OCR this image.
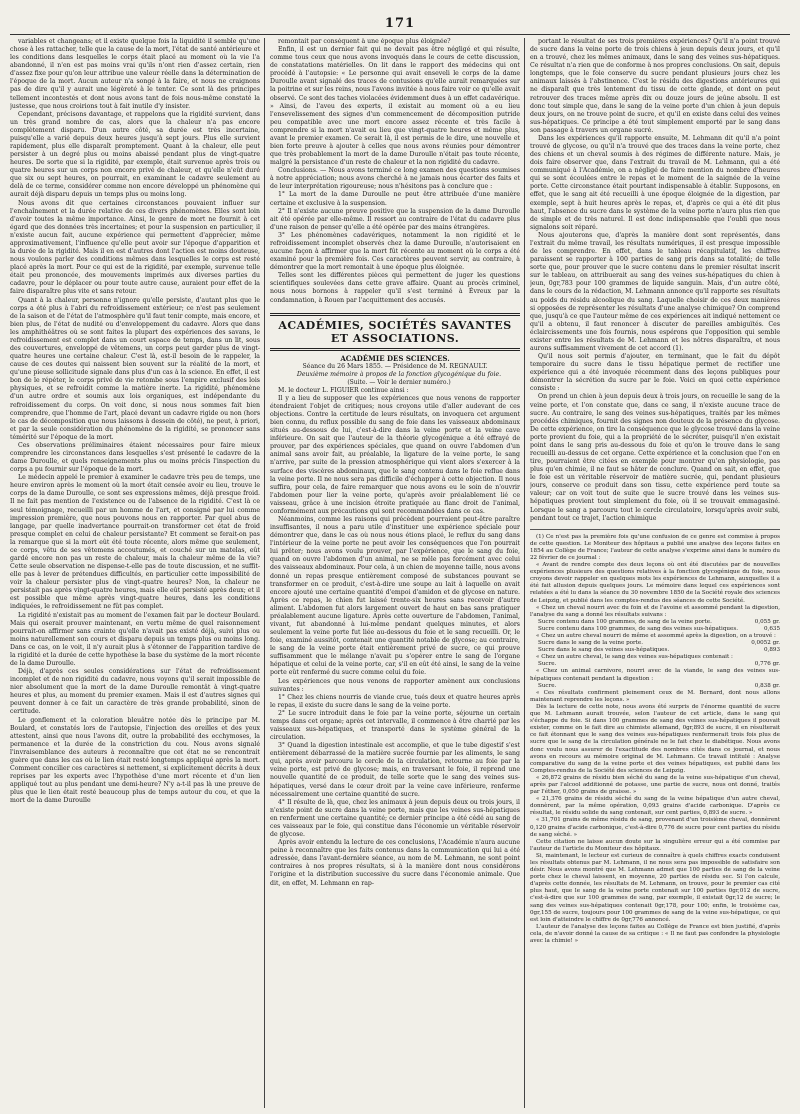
171

variables et changeans; et il existe quelque fois la liquidité il semble qu'une chose à les rattacher, telle que la cause de la mort, l'état de santé antérieure et les conditions dans lesquelles le corps était placé au moment où la vie l'a abandonné, il n'en est pas moins vrai qu'ils n'ont rien d'assez certain, rien d'assez fixe pour qu'on leur attribue une valeur réelle dans la détermination de l'époque de la mort. Aucun auteur n'a songé à la faire, et nous ne craignons pas de dire qu'il y aurait une légèreté à le tenter. Ce sont là des principes tellement incontestés et dont nous avons tant de fois nous-même constaté la justesse, que nous croirions tout à fait inutile d'y insister.

Cependant, précisons davantage, et rappelons que la rigidité survient, dans un très grand nombre de cas, alors que la chaleur n'a pas encore complètement disparu. D'un autre côté, sa durée est très incertaine, puisqu'elle a varié depuis deux heures jusqu'à sept jours. Plus elle survient rapidement, plus elle disparaît promptement. Quant à la chaleur, elle peut persister à un degré plus ou moins abaissé pendant plus de vingt-quatre heures. De sorte que si la rigidité, par exemple, était survenue après trois ou quatre heures sur un corps non encore privé de chaleur, et qu'elle n'eût duré que six ou sept heures, on pourrait, en examinant le cadavre seulement au delà de ce terme, considérer comme non encore développé un phénomène qui aurait déjà disparu depuis un temps plus ou moins long.

Nous avons dit que certaines circonstances pouvaient influer sur l'enchaînement et la durée relative de ces divers phénomènes. Elles sont loin d'avoir toutes la même importance. Ainsi, le genre de mort ne fournit à cet égard que des données très incertaines; et pour la suspension en particulier, il n'existe aucun fait, aucune expérience qui permettent d'apprécier, même approximativement, l'influence qu'elle peut avoir sur l'époque d'apparition et la durée de la rigidité. Mais il en est d'autres dont l'action est moins douteuse, nous voulons parler des conditions mêmes dans lesquelles le corps est resté placé après la mort. Pour ce qui est de la rigidité, par exemple, survenue telle était peu prononcée, des mouvements imprimés aux diverses parties du cadavre, pour le déplacer ou pour toute autre cause, auraient pour effet de la faire disparaître plus vite et sans retour.

Quant à la chaleur, personne n'ignore qu'elle persiste, d'autant plus que le corps a été plus à l'abri du refroidissement extérieur; ce n'est pas seulement de la saison et de l'état de l'atmosphère qu'il faut tenir compte, mais encore, et bien plus, de l'état de nudité ou d'enveloppement du cadavre. Alors que dans les amphithéâtres où se sont faites la plupart des expériences des savans, le refroidissement est complet dans un court espace de temps, dans un lit, sous des couvertures, enveloppé de vêtemens, un corps peut garder plus de vingt-quatre heures une certaine chaleur. C'est là, est-il besoin de le rappeler, la cause de ces doutes qui naissent bien souvent sur la réalité de la mort, et qu'une pieuse sollicitude signale dans plus d'un cas à la science. En effet, il est bon de le répéter, le corps privé de vie retombe sous l'empire exclusif des lois physiques, et se refroidit comme la matière inerte. La rigidité, phénomène d'un autre ordre et soumis aux lois organiques, est indépendante du refroidissement du corps. On voit donc, si nous nous sommes fait bien comprendre, que l'homme de l'art, placé devant un cadavre rigide ou non (hors le cas de décomposition que nous laissons à dessein de côté), ne peut, à priori, et par la seule considération du phénomène de la rigidité, se prononcer sans témérité sur l'époque de la mort.

Ces observations préliminaires étaient nécessaires pour faire mieux comprendre les circonstances dans lesquelles s'est présenté le cadavre de la dame Duroulle, et quels renseignements plus ou moins précis l'inspection du corps a pu fournir sur l'époque de la mort.

Le médecin appelé le premier à examiner le cadavre très peu de temps, une heure environ après le moment où la mort était censée avoir eu lieu, trouve le corps de la dame Duroulle, ce sont ses expressions mêmes, déjà presque froid. Il ne fait pas mention de l'existence ou de l'absence de la rigidité. C'est là ce seul témoignage, recueilli par un homme de l'art, et consigné par lui comme impression première, que nous pouvons nous en rapporter. Par quel abus de langage, par quelle inadvertance pourrait-on transformer cet état de froid presque complet en celui de chaleur persistante? Et comment se ferait-on pas la remarque que si la mort eût été toute récente, alors même que seulement, ce corps, vêtu de ses vêtemens accoutumés, et couché sur un matelas, eût gardé encore non pas un reste de chaleur, mais la chaleur même de la vie? Cette seule observation ne dispense-t-elle pas de toute discussion, et ne suffit-elle pas à lever de prétendues difficultés, en particulier cette impossibilité de voir la chaleur persister plus de vingt-quatre heures? Non, la chaleur ne persistait pas après vingt-quatre heures, mais elle eût persisté après deux; et il est possible que même après vingt-quatre heures, dans les conditions indiquées, le refroidissement ne fût pas complet.

La rigidité n'existait pas au moment de l'examen fait par le docteur Boulard. Mais qui oserait prouver maintenant, en vertu même de quel raisonnement pourrait-on affirmer sans crainte qu'elle n'avait pas existé déjà, suivi plus ou moins naturellement son cours et disparu depuis un temps plus ou moins long. Dans ce cas, on le voit, il n'y aurait plus à s'étonner de l'apparition tardive de la rigidité et la durée de cette hypothèse la base du système de la mort récente de la dame Duroulle.

Déjà, d'après ces seules considérations sur l'état de refroidissement incomplet et de non rigidité du cadavre, nous voyons qu'il serait impossible de nier absolument que la mort de la dame Duroulle remontât à vingt-quatre heures et plus, au moment du premier examen. Mais il est d'autres signes qui peuvent donner à ce fait un caractère de très grande probabilité, sinon de certitude.

Le gonflement et la coloration bleuâtre notée dès le principe par M. Boulard, et constatés lors de l'autopsie, l'injection des oreilles et des yeux attestent, ainsi que nous l'avons dit, outre la probabilité des ecchymoses, la permanence et la durée de la constriction du cou. Nous avons signalé l'invraisemblance des auteurs à reconnaître que cet état ne se rencontrait guère que dans les cas où le lien était resté longtemps appliqué après la mort. Comment concilier ces caractères si nettement, si explicitement décrits à deux reprises par les experts avec l'hypothèse d'une mort récente et d'un lien appliqué tout au plus pendant une demi-heure? N'y a-t-il pas là une preuve de plus que le lien était resté beaucoup plus de temps autour du cou, et que la mort de la dame Duroulle

remontait par conséquent à une époque plus éloignée?

Enfin, il est un dernier fait qui ne devait pas être négligé et qui résulte, comme tous ceux que nous avons invoqués dans le cours de cette discussion, de constatations matérielles. On lit dans le rapport des médecins qui ont procédé à l'autopsie: « Le personne qui avait enseveli le corps de la dame Duroulle avant signalé des traces de contusions qu'elle aurait remarquées sur la poitrine et sur les reins, nous l'avons invitée à nous faire voir ce qu'elle avait observé. Ce sont des taches violacées évidemment dues à un effet cadavérique. » Ainsi, de l'aveu des experts, il existait au moment où a eu lieu l'ensevelissement des signes d'un commencement de décomposition putride peu compatible avec une mort encore assez récente et très facile à comprendre si la mort n'avait eu lieu que vingt-quatre heures et même plus, avant le premier examen. Ce serait là, il est permis de le dire, une nouvelle et bien forte preuve à ajouter à celles que nous avons réunies pour démontrer que très probablement la mort de la dame Duroulle n'était pas toute récente, malgré la persistance d'un reste de chaleur et la non rigidité du cadavre.

Conclusions. — Nous avons terminé ce long examen des questions soumises à notre appréciation; nous avons cherché à ne jamais nous écarter des faits et de leur interprétation rigoureuse; nous n'hésitons pas à conclure que :

1° La mort de la dame Duroulle ne peut être attribuée d'une manière certaine et exclusive à la suspension.

2° Il n'existe aucune preuve positive que la suspension de la dame Duroulle ait été opérée par elle-même. Il ressort au contraire de l'état du cadavre plus d'une raison de penser qu'elle a été opérée par des mains étrangères.

3° Les phénomènes cadavériques, notamment la non rigidité et le refroidissement incomplet observés chez la dame Duroulle, n'autorisaient en aucune façon à affirmer que la mort fût récente au moment où le corps a été examiné pour la première fois. Ces caractères peuvent servir, au contraire, à démontrer que la mort remontait à une époque plus éloignée.

Telles sont les différentes pièces qui permettent de juger les questions scientifiques soulevées dans cette grave affaire. Quant au procès criminel, nous nous bornons à rappeler qu'il s'est terminé à Évreux par la condamnation, à Rouen par l'acquittement des accusés.

ACADÉMIES, SOCIÉTÉS SAVANTES ET ASSOCIATIONS.
ACADÉMIE DES SCIENCES.
Séance du 26 Mars 1855. — Présidence de M. REGNAULT.

Deuxième mémoire à propos de la fonction glycogénique du foie.

(Suite. — Voir le dernier numéro.)

M. le docteur L. FIGUIER continue ainsi :

Il y a lieu de supposer que les expériences que nous venons de rapporter étendraient l'objet de critiques; nous croyons utile d'aller audevant de ces objections. Contre la certitude de leurs résultats, on invoquera cet argument bien connu, du reflux possible du sang de foie dans les vaisseaux abdominaux situés au-dessous de lui, c'est-à-dire dans la veine porte et la veine cave inférieure. On sait que l'auteur de la théorie glycogénique a été effrayé de prouver, par des expériences spéciales, que quand on ouvre l'abdomen d'un animal sans avoir fait, au préalable, la ligature de la veine porte, le sang n'arrive, par suite de la pression atmosphérique qui vient alors s'exercer à la surface des viscères abdominaux, que le sang contenu dans le foie reflue dans la veine porte. Il ne nous sera pas difficile d'échapper à cette objection. Il nous suffira, pour cela, de faire remarquer que nous avons eu le soin de n'ouvrir l'abdomen pour lier la veine porte, qu'après avoir préalablement lié ce vaisseau, grâce à une incision étroite pratiquée au flanc droit de l'animal, conformément aux précautions qui sont recommandées dans ce cas.

Néanmoins, comme les raisons qui précèdent pourraient peut-être paraître insuffisantes, il nous a paru utile d'instituer une expérience spéciale pour démontrer que, dans le cas où nous nous étions placé, le reflux du sang dans l'intérieur de la veine porte ne peut avoir les conséquences que l'on pourrait lui prêter; nous avons voulu prouver, par l'expérience, que le sang du foie, quand on ouvre l'abdomen d'un animal, ne se mêle pas forcément avec celui des vaisseaux abdominaux. Pour cela, à un chien de moyenne taille, nous avons donné un repas presque entièrement composé de substances pouvant se transformer en ce produit, c'est-à-dire une soupe au lait à laquelle on avait encore ajouté une certaine quantité d'empoi d'amidon et de glycose en nature. Après ce repas, le chien fut laissé trente-six heures sans recevoir d'autre aliment. L'abdomen fut alors largement ouvert de haut en bas sans pratiquer préalablement aucune ligature. Après cette ouverture de l'abdomen, l'animal, vivant, fut abandonné à lui-même pendant quelques minutes, et alors seulement la veine porte fut liée au-dessous du foie et le sang recueilli. Or, le foie, examiné aussitôt, contenait une quantité notable de glycose; au contraire, le sang de la veine porte était entièrement privé de sucre, ce qui prouve suffisamment que le mélange n'avait pu s'opérer entre le sang de l'organe hépatique et celui de la veine porte, car, s'il en eût été ainsi, le sang de la veine porte eût renfermé du sucre comme celui du foie.

Les expériences que nous venons de rapporter amènent aux conclusions suivantes :

1° Chez les chiens nourris de viande crue, tués deux et quatre heures après le repas, il existe du sucre dans le sang de la veine porte.

2° Le sucre introduit dans le foie par la veine porte, séjourne un certain temps dans cet organe; après cet intervalle, il commence à être charrié par les vaisseaux sus-hépatiques, et transporté dans le système général de la circulation.

3° Quand la digestion intestinale est accomplie, et que le tube digestif s'est entièrement débarrassé de la matière sucrée fournie par les aliments, le sang qui, après avoir parcouru le cercle de la circulation, retourne au foie par la veine porte, est privé de glycose; mais, en traversant le foie, il reprend une nouvelle quantité de ce produit, de telle sorte que le sang des veines sus-hépatiques, versé dans le cœur droit par la veine cave inférieure, renferme nécessairement une certaine quantité de sucre.

4° Il résulte de là, que, chez les animaux à jeun depuis deux ou trois jours, il n'existe point de sucre dans la veine porte, mais que les veines sus-hépatiques en renferment une certaine quantité; ce dernier principe a été cédé au sang de ces vaisseaux par le foie, qui constitue dans l'économie un véritable réservoir de glycose.

Après avoir entendu la lecture de ces conclusions, l'Académie n'aura aucune peine à reconnaître que les faits contenus dans la communication qui lui a été adressée, dans l'avant-dernière séance, au nom de M. Lehmann, ne sont point contraires à nos propres résultats, si à la manière dont nous considérons l'origine et la distribution successive du sucre dans l'économie animale. Que dit, en effet, M. Lehmann en rap-

portant le résultat de ses trois premières expériences? Qu'il n'a point trouvé de sucre dans la veine porte de trois chiens à jeun depuis deux jours, et qu'il en a trouvé, chez les mêmes animaux, dans le sang des veines sus-hépatiques. Ce résultat n'a rien que de conforme à nos propres conclusions. On sait, depuis longtemps, que le foie conserve du sucre pendant plusieurs jours chez les animaux laissés à l'abstinence. C'est le résidu des digestions antérieures qui ne disparaît que très lentement du tissu de cette glande, et dont on peut retrouver des traces même après dix ou douze jours de jeûne absolu. Il est donc tout simple que, dans le sang de la veine porte d'un chien à jeun depuis deux jours, on ne trouve point de sucre, et qu'il en existe dans celui des veines sus-hépatiques. Ce principe a été tout simplement emporté par le sang dans son passage à travers un organe sucré.

Dans les expériences qu'il rapporte ensuite, M. Lehmann dit qu'il n'a point trouvé de glycose, ou qu'il n'a trouvé que des traces dans la veine porte, chez des chiens et un cheval soumis à des régimes de différente nature. Mais, je dois faire observer que, dans l'extrait du travail de M. Lehmann, qui a été communiqué à l'Académie, on a négligé de faire mention du nombre d'heures qui se sont écoulées entre le repas et le moment de la saignée de la veine porte. Cette circonstance était pourtant indispensable à établir. Supposons, en effet, que le sang ait été recueilli à une époque éloignée de la digestion, par exemple, sept à huit heures après le repas, et, d'après ce qui a été dit plus haut, l'absence du sucre dans le système de la veine porte n'aura plus rien que de simple et de très naturel. Il est donc indispensable que l'oubli que nous signalons soit réparé.

Nous ajouterons que, d'après la manière dont sont représentés, dans l'extrait du même travail, les résultats numériques, il est presque impossible de les comprendre. En effet, dans le tableau récapitulatif, les chiffres paraissent se rapporter à 100 parties de sang pris dans sa totalité; de telle sorte que, pour prouver que le sucre contenu dans le premier résultat inscrit sur le tableau, on attribuerait au sang des veines sus-hépatiques du chien à jeun, 0gr,783 pour 100 grammes de liquide sanguin. Mais, d'un autre côté, dans le cours de la rédaction, M. Lehmann annonce qu'il rapporte ses résultats au poids du résidu alcoolique du sang. Laquelle choisir de ces deux manières si opposées de représenter les résultats d'une analyse chimique? On comprend que, jusqu'à ce que l'auteur même de ces expériences ait indiqué nettement ce qu'il a obtenu, il faut renoncer à discuter de pareilles ambiguïtés. Ces éclaircissements une fois fournis, nous espérons que l'opposition qui semble exister entre les résultats de M. Lehmann et les nôtres disparaîtra, et nous aurons suffisamment vivement de cet accord (1).

Qu'il nous soit permis d'ajouter, en terminant, que le fait du dépôt temporaire du sucre dans le tissu hépatique permet de rectifier une expérience qui a été invoquée récemment dans des leçons publiques pour démontrer la sécrétion du sucre par le foie. Voici en quoi cette expérience consiste :

On prend un chien à jeun depuis deux à trois jours, on recueille le sang de la veine porte, et l'on constate que, dans ce sang, il n'existe aucune trace de sucre. Au contraire, le sang des veines sus-hépatiques, traités par les mêmes procédés chimiques, fournit des signes non douteux de la présence du glycose. De cette expérience, on tire la conséquence que le glycose trouvé dans la veine porte provient du foie, qui a la propriété de le sécréter, puisqu'il n'en existait point dans le sang pris au-dessous du foie et qu'on le trouve dans le sang recueilli au-dessus de cet organe. Cette expérience et la conclusion que l'on en tire, pourraient être citées en exemple pour montrer qu'en physiologie, pas plus qu'en chimie, il ne faut se hâter de conclure. Quand on sait, en effet, que le foie est un véritable réservoir de matière sucrée, qui, pendant plusieurs jours, conserve ce produit dans son tissu, cette expérience perd toute sa valeur; car on voit tout de suite que le sucre trouvé dans les veines sus-hépatiques provient tout simplement du foie, où il se trouvait emmagasiné. Lorsque le sang a parcouru tout le cercle circulatoire, lorsqu'après avoir subi, pendant tout ce trajet, l'action chimique

(1) Ce n'est pas la première fois qu'une confusion de ce genre est commise à propos de cette question. Le Moniteur des hôpitaux a publié une analyse des leçons faites en 1854 au Collège de France; l'auteur de cette analyse s'exprime ainsi dans le numéro du 22 février de ce journal :

« Avant de rendre compte des deux leçons où ont été discutées par de nouvelles expériences plusieurs des questions relatives à la fonction glycogénique du foie, nous croyons devoir rappeler en quelques mots les expériences de Lehmann, auxquelles il a été fait allusion depuis quelques jours. Le mémoire dans lequel ces expériences sont relatées a été lu dans la séance du 30 novembre 1850 de la Société royale des sciences de Leipzig, et publié dans les comptes-rendus des séances de cette Société.

« Chez un cheval nourri avec du foin et de l'avoine et assommé pendant la digestion, l'analyse du sang a donné les résultats suivans :

Sucre contenu dans 100 grammes, de sang de la veine porte.	0,055 gr.
Sucre contenu dans 100 grammes, de sang des veines sus-hépatiques.	0,635

« Chez un autre cheval nourri de même et assommé après la digestion, on a trouvé :

Sucre dans le sang de la veine porte.	0,0052 gr.
Sucre dans le sang des veines sus-hépatiques.	0,893

« Chez un autre cheval, le sang des veines sus-hépatiques contenait :

Sucre.	0,776 gr.

« Chez un animal carnivore, nourri avec de la viande, le sang des veines sus-hépatiques contenait pendant la digestion :

Sucre.	0,838 gr.

« Ces résultats confirment pleinement ceux de M. Bernard, dont nous allons maintenant reprendre les leçons. »

Dès la lecture de cette note, nous avons été surpris de l'énorme quantité de sucre que M. Lehmann aurait trouvée, selon l'auteur de cet article, dans le sang qui s'échappe du foie. Si dans 100 grammes de sang des veines sus-hépatiques il pouvait exister, comme on le fait dire au chimiste allemand, 0gr,893 de sucre, il en résulterait ce fait étonnant que le sang des veines sus-hépatiques renfermerait trois fois plus de sucre que le sang de la circulation générale ne le fait chez le diabétique. Nous avons donc voulu nous assurer de l'exactitude des nombres cités dans ce journal, et nous avons en recours au mémoire original de M. Lehmann. Ce travail intitulé : Analyse comparative du sang de la veine porte et des veines hépatiques, est publié dans les Comptes-rendus de la Société des sciences de Leipzig.

« 26,872 grains de résidu bien séché du sang de la veine sus-hépatique d'un cheval, après par l'alcool additionné de potasse, une partie de sucre, nous ont donné, traités par l'éther, 0,050 grains de graisse. »

« 21,376 grains de résidu séché du sang de la veine hépatique d'un autre cheval, donnèrent, par la même opération, 0,093 grains d'acide carbonique. D'après ce résultat, le résidu solide du sang contenait, sur cent parties, 0,893 de sucre. »

« 31,701 grains de même résidu de sang, provenant d'un troisième cheval, donnèrent 0,120 grains d'acide carbonique, c'est-à-dire 0,776 de sucre pour cent parties du résidu de sang séché. »

Cette citation ne laisse aucun doute sur la singulière erreur qui a été commise par l'auteur de l'article du Moniteur des hôpitaux.

Si, maintenant, le lecteur est curieux de connaître à quels chiffres exacts conduisent les résultats obtenus par M. Lehmann, il ne nous sera pas impossible de satisfaire son désir. Nous avons montré que M. Lehmann admet que 100 parties de sang de la veine porte chez le cheval laissent, en moyenne, 20 parties de résidu sec. Si l'on calcule, d'après cette donnée, les résultats de M. Lehmann, on trouve, pour le premier cas cité plus haut, que le sang de la veine porte contenait sur 100 parties 0gr,012 de sucre, c'est-à-dire que sur 100 grammes de sang, par exemple, il existait 0gr,12 de sucre; le sang des veines sus-hépatiques contenait 0gr,178, pour 100; enfin, le troisième cas, 0gr,155 de sucre, toujours pour 100 grammes de sang de la veine sus-hépatique, ce qui est loin d'atteindre le chiffre de 0gr,776 annoncé.

L'auteur de l'analyse des leçons faites au Collège de France est bien justifié, d'après cela, de n'avoir donné la cause de sa critique : « Il ne faut pas confondre la physiologie avec la chimie! »
